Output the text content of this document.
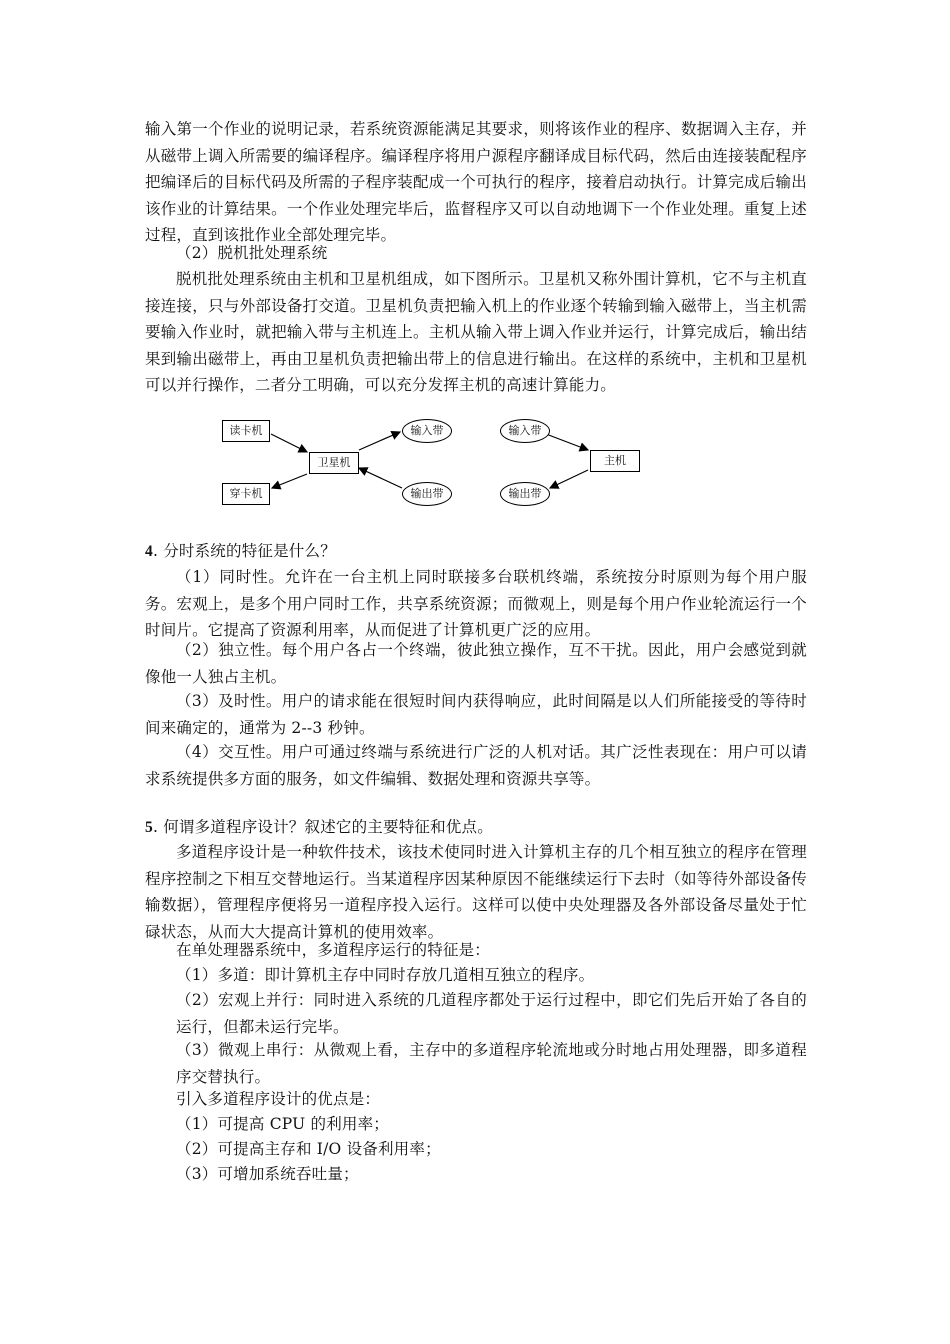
输入第一个作业的说明记录，若系统资源能满足其要求，则将该作业的程序、数据调入主存，并从磁带上调入所需要的编译程序。编译程序将用户源程序翻译成目标代码，然后由连接装配程序把编译后的目标代码及所需的子程序装配成一个可执行的程序，接着启动执行。计算完成后输出该作业的计算结果。一个作业处理完毕后，监督程序又可以自动地调下一个作业处理。重复上述过程，直到该批作业全部处理完毕。
（2）脱机批处理系统
脱机批处理系统由主机和卫星机组成，如下图所示。卫星机又称外围计算机，它不与主机直接连接，只与外部设备打交道。卫星机负责把输入机上的作业逐个转输到输入磁带上，当主机需要输入作业时，就把输入带与主机连上。主机从输入带上调入作业并运行，计算完成后，输出结果到输出磁带上，再由卫星机负责把输出带上的信息进行输出。在这样的系统中，主机和卫星机可以并行操作，二者分工明确，可以充分发挥主机的高速计算能力。
读卡机
穿卡机
卫星机
输入带
输出带
输入带
输出带
主机
4. 分时系统的特征是什么？
（1）同时性。允许在一台主机上同时联接多台联机终端，系统按分时原则为每个用户服务。宏观上，是多个用户同时工作，共享系统资源；而微观上，则是每个用户作业轮流运行一个时间片。它提高了资源利用率，从而促进了计算机更广泛的应用。
（2）独立性。每个用户各占一个终端，彼此独立操作，互不干扰。因此，用户会感觉到就像他一人独占主机。
（3）及时性。用户的请求能在很短时间内获得响应，此时间隔是以人们所能接受的等待时间来确定的，通常为 2--3 秒钟。
（4）交互性。用户可通过终端与系统进行广泛的人机对话。其广泛性表现在：用户可以请求系统提供多方面的服务，如文件编辑、数据处理和资源共享等。
5. 何谓多道程序设计？叙述它的主要特征和优点。
多道程序设计是一种软件技术，该技术使同时进入计算机主存的几个相互独立的程序在管理程序控制之下相互交替地运行。当某道程序因某种原因不能继续运行下去时（如等待外部设备传输数据），管理程序便将另一道程序投入运行。这样可以使中央处理器及各外部设备尽量处于忙碌状态，从而大大提高计算机的使用效率。
在单处理器系统中，多道程序运行的特征是：
（1）多道：即计算机主存中同时存放几道相互独立的程序。
（2）宏观上并行：同时进入系统的几道程序都处于运行过程中，即它们先后开始了各自的运行，但都未运行完毕。
（3）微观上串行：从微观上看，主存中的多道程序轮流地或分时地占用处理器，即多道程序交替执行。
引入多道程序设计的优点是：
（1）可提高 CPU 的利用率；
（2）可提高主存和 I/O 设备利用率；
（3）可增加系统吞吐量；
